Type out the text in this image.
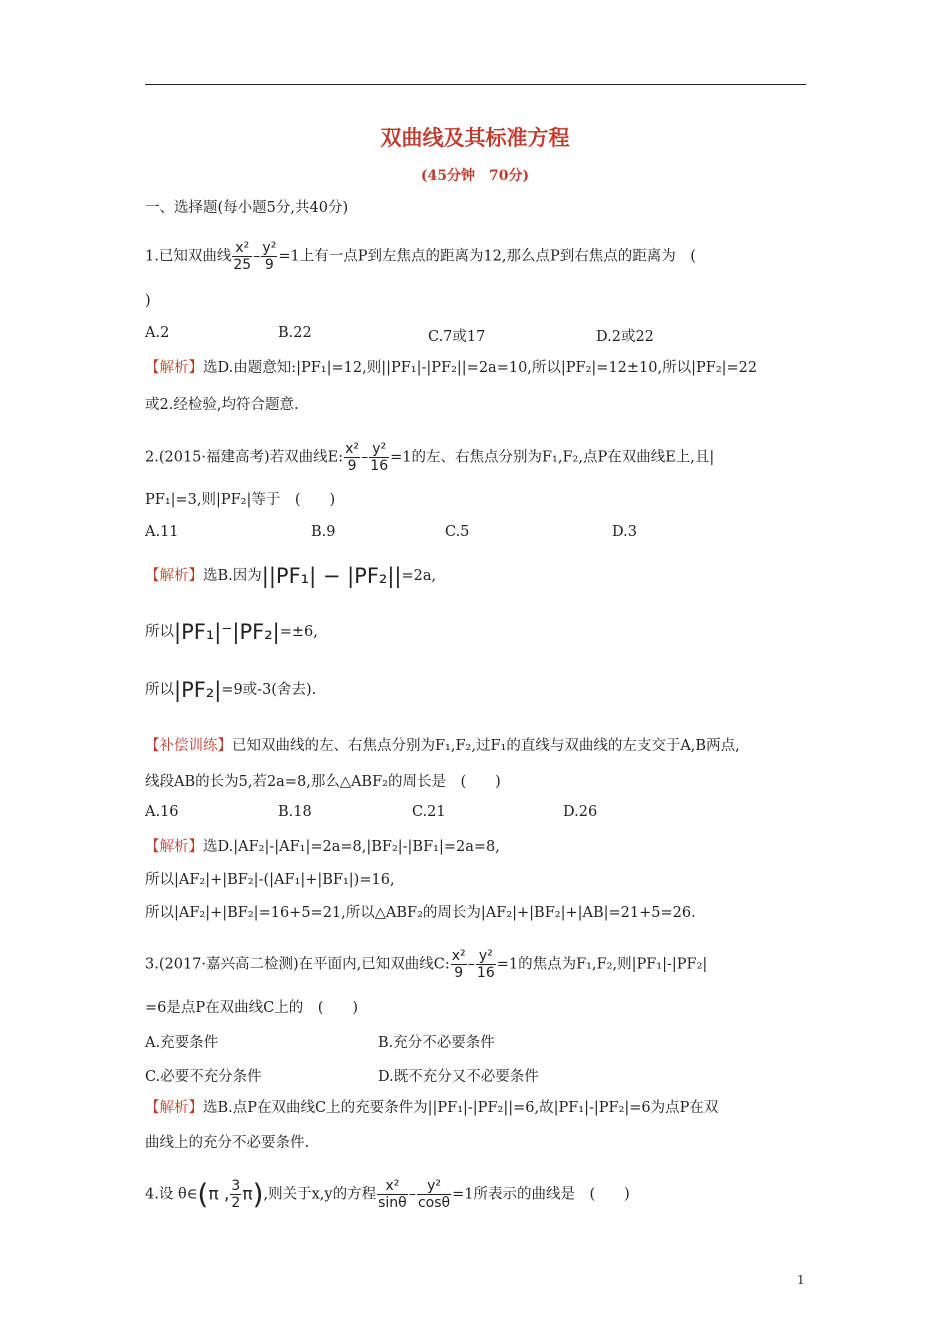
双曲线及其标准方程
(45分钟　70分)
一、选择题(每小题5分,共40分)
1.已知双曲线 $\frac{\text{x²}}{25} - \frac{\text{y²}}{9} =1$上有一点P到左焦点的距离为12,那么点P到右焦点的距离为　(
)
A.2	B.22	C.7或17	D.2或22
【解析】选D.由题意知:|PF₁|=12,则||PF₁|-|PF₂||=2a=10,所以|PF₂|=12±10,所以|PF₂|=22
或2.经检验,均符合题意.
2.(2015·福建高考)若双曲线E: $\frac{\text{x²}}{9} - \frac{\text{y²}}{16} =1$的左、右焦点分别为F₁,F₂,点P在双曲线E上,且|
PF₁|=3,则|PF₂|等于　(　　)
A.11	B.9	C.5	D.3
【解析】选B.因为||PF₁| − |PF₂||=2a,
所以|PF₁|⁻|PF₂|=±6,
所以|PF₂|=9或-3(舍去).
【补偿训练】已知双曲线的左、右焦点分别为F₁,F₂,过F₁的直线与双曲线的左支交于A,B两点,
线段AB的长为5,若2a=8,那么△ABF₂的周长是　(　　)
A.16	B.18	C.21	D.26
【解析】选D.|AF₂|-|AF₁|=2a=8,|BF₂|-|BF₁|=2a=8,
所以|AF₂|+|BF₂|-(|AF₁|+|BF₁|)=16,
所以|AF₂|+|BF₂|=16+5=21,所以△ABF₂的周长为|AF₂|+|BF₂|+|AB|=21+5=26.
3.(2017·嘉兴高二检测)在平面内,已知双曲线C: $\frac{\text{x²}}{9} - \frac{\text{y²}}{16} =1$的焦点为F₁,F₂,则|PF₁|-|PF₂|
=6是点P在双曲线C上的　(　　)
A.充要条件	B.充分不必要条件
C.必要不充分条件	D.既不充分又不必要条件
【解析】选B.点P在双曲线C上的充要条件为||PF₁|-|PF₂||=6,故|PF₁|-|PF₂|=6为点P在双
曲线上的充分不必要条件.
4.设 θ∈(π , $\frac{3}{2} \pi$),则关于x,y的方程 $\frac{\text{x²}}{\sin\theta} - \frac{\text{y²}}{\cos\theta} =1$所表示的曲线是　(　　)
1
